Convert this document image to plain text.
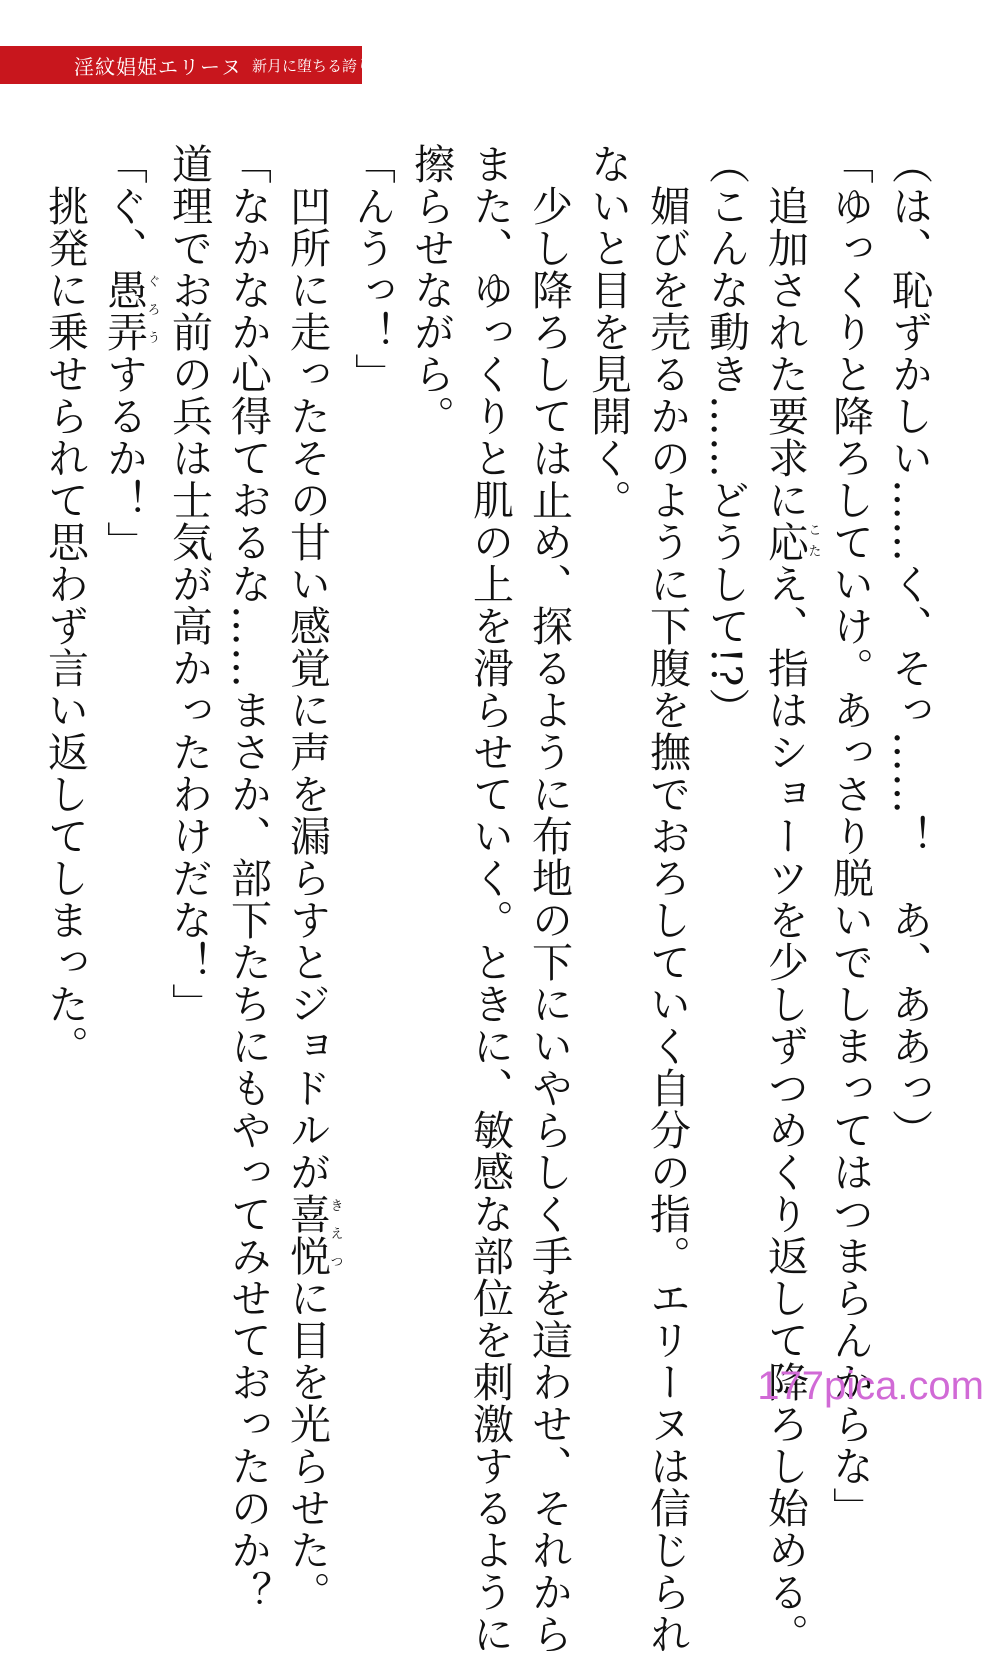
淫紋娼姫エリーヌ 新月に堕ちる誇り
（は、恥ずかしい……く、そっ……！　あ、ああっ）
「ゆっくりと降ろしていけ。あっさり脱いでしまってはつまらんからな」
　追加された要求に応こたえ、指はショーツを少しずつめくり返して降ろし始める。
（こんな動き……どうして!?）
　媚びを売るかのように下腹を撫でおろしていく自分の指。エリーヌは信じられ
ないと目を見開く。
　少し降ろしては止め、探るように布地の下にいやらしく手を這わせ、それから
また、ゆっくりと肌の上を滑らせていく。ときに、敏感な部位を刺激するように
擦らせながら。
「んうっ！」
　凹所に走ったその甘い感覚に声を漏らすとジョドルが喜悦きえつに目を光らせた。
「なかなか心得ておるな……まさか、部下たちにもやってみせておったのか？
道理でお前の兵は士気が高かったわけだな！」
「ぐ、愚弄ぐろうするか！」
　挑発に乗せられて思わず言い返してしまった。
177pica.com
